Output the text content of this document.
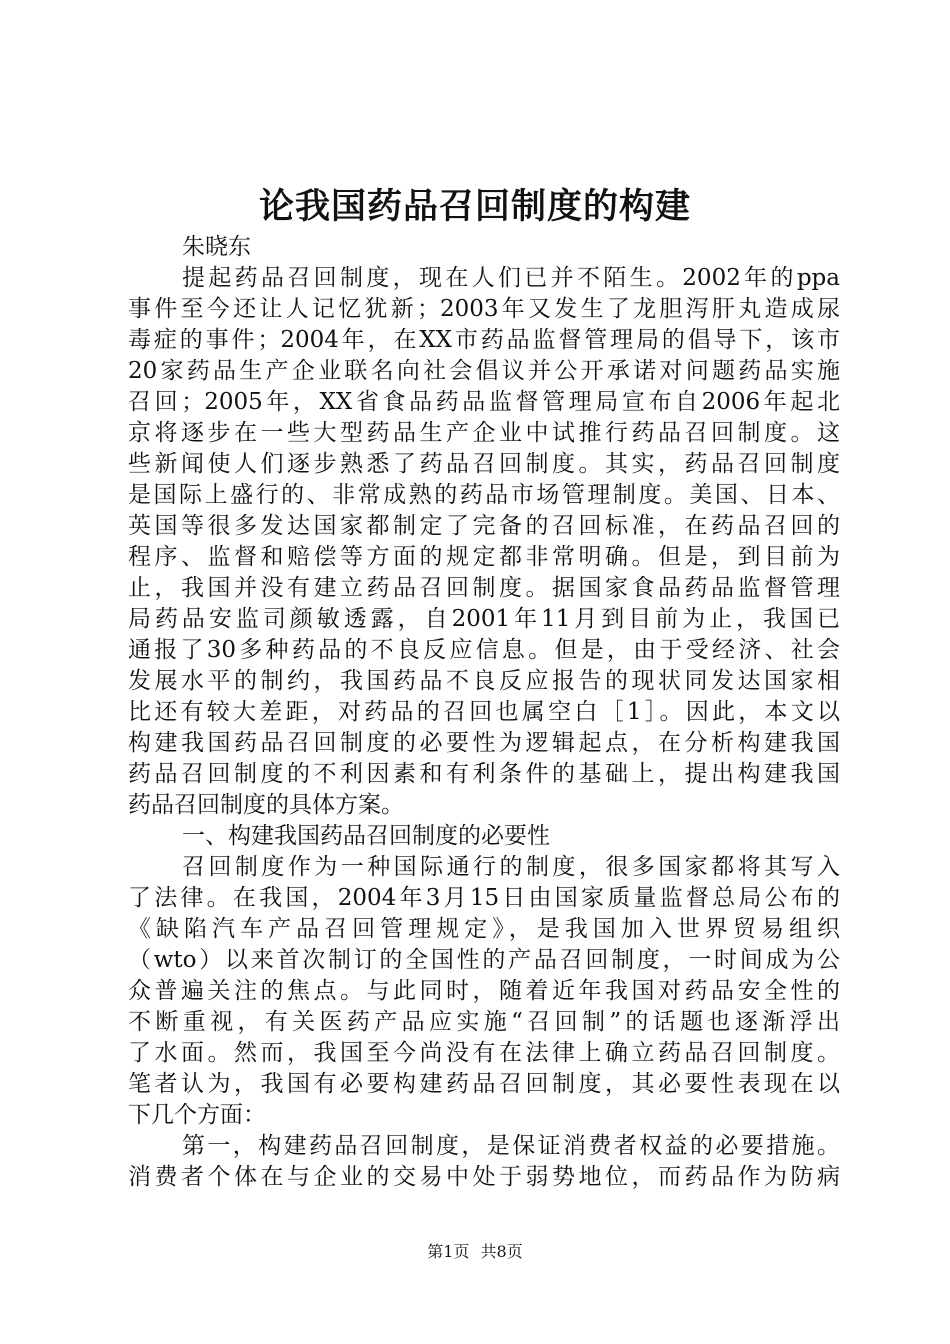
论我国药品召回制度的构建
朱晓东
提起药品召回制度，现在人们已并不陌生。2002年的ppa
事件至今还让人记忆犹新；2003年又发生了龙胆泻肝丸造成尿
毒症的事件；2004年，在XX市药品监督管理局的倡导下，该市
20家药品生产企业联名向社会倡议并公开承诺对问题药品实施
召回；2005年，XX省食品药品监督管理局宣布自2006年起北
京将逐步在一些大型药品生产企业中试推行药品召回制度。这
些新闻使人们逐步熟悉了药品召回制度。其实，药品召回制度
是国际上盛行的、非常成熟的药品市场管理制度。美国、日本、
英国等很多发达国家都制定了完备的召回标准，在药品召回的
程序、监督和赔偿等方面的规定都非常明确。但是，到目前为
止，我国并没有建立药品召回制度。据国家食品药品监督管理
局药品安监司颜敏透露，自2001年11月到目前为止，我国已
通报了30多种药品的不良反应信息。但是，由于受经济、社会
发展水平的制约，我国药品不良反应报告的现状同发达国家相
比还有较大差距，对药品的召回也属空白［1］。因此，本文以
构建我国药品召回制度的必要性为逻辑起点，在分析构建我国
药品召回制度的不利因素和有利条件的基础上，提出构建我国
药品召回制度的具体方案。
一、构建我国药品召回制度的必要性
召回制度作为一种国际通行的制度，很多国家都将其写入
了法律。在我国，2004年3月15日由国家质量监督总局公布的
《缺陷汽车产品召回管理规定》，是我国加入世界贸易组织
（wto）以来首次制订的全国性的产品召回制度，一时间成为公
众普遍关注的焦点。与此同时，随着近年我国对药品安全性的
不断重视，有关医药产品应实施“召回制”的话题也逐渐浮出
了水面。然而，我国至今尚没有在法律上确立药品召回制度。
笔者认为，我国有必要构建药品召回制度，其必要性表现在以
下几个方面：
第一，构建药品召回制度，是保证消费者权益的必要措施。
消费者个体在与企业的交易中处于弱势地位，而药品作为防病
第1页 共8页
